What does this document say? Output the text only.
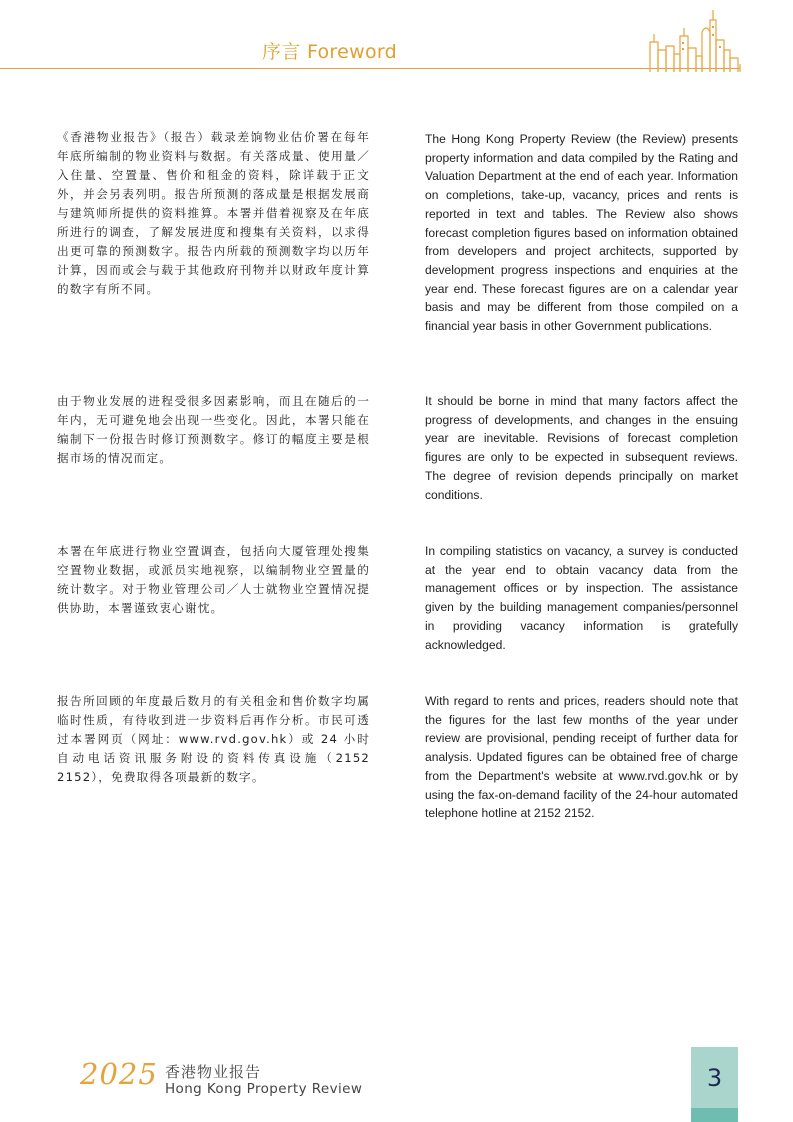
序言 Foreword
《香港物业报告》（报告）载录差饷物业估价署在每年年底所编制的物业资料与数据。有关落成量、使用量／入住量、空置量、售价和租金的资料，除详载于正文外，并会另表列明。报告所预测的落成量是根据发展商与建筑师所提供的资料推算。本署并借着视察及在年底所进行的调查，了解发展进度和搜集有关资料，以求得出更可靠的预测数字。报告内所载的预测数字均以历年计算，因而或会与载于其他政府刊物并以财政年度计算的数字有所不同。
The Hong Kong Property Review (the Review) presents property information and data compiled by the Rating and Valuation Department at the end of each year. Information on completions, take-up, vacancy, prices and rents is reported in text and tables. The Review also shows forecast completion figures based on information obtained from developers and project architects, supported by development progress inspections and enquiries at the year end. These forecast figures are on a calendar year basis and may be different from those compiled on a financial year basis in other Government publications.
由于物业发展的进程受很多因素影响，而且在随后的一年内，无可避免地会出现一些变化。因此，本署只能在编制下一份报告时修订预测数字。修订的幅度主要是根据市场的情况而定。
It should be borne in mind that many factors affect the progress of developments, and changes in the ensuing year are inevitable. Revisions of forecast completion figures are only to be expected in subsequent reviews. The degree of revision depends principally on market conditions.
本署在年底进行物业空置调查，包括向大厦管理处搜集空置物业数据，或派员实地视察，以编制物业空置量的统计数字。对于物业管理公司／人士就物业空置情况提供协助，本署谨致衷心谢忱。
In compiling statistics on vacancy, a survey is conducted at the year end to obtain vacancy data from the management offices or by inspection. The assistance given by the building management companies/personnel in providing vacancy information is gratefully acknowledged.
报告所回顾的年度最后数月的有关租金和售价数字均属临时性质，有待收到进一步资料后再作分析。市民可透过本署网页（网址：www.rvd.gov.hk）或 24 小时自动电话资讯服务附设的资料传真设施（2152 2152），免费取得各项最新的数字。
With regard to rents and prices, readers should note that the figures for the last few months of the year under review are provisional, pending receipt of further data for analysis. Updated figures can be obtained free of charge from the Department's website at www.rvd.gov.hk or by using the fax-on-demand facility of the 24-hour automated telephone hotline at 2152 2152.
2025 香港物业报告
Hong Kong Property Review	3
